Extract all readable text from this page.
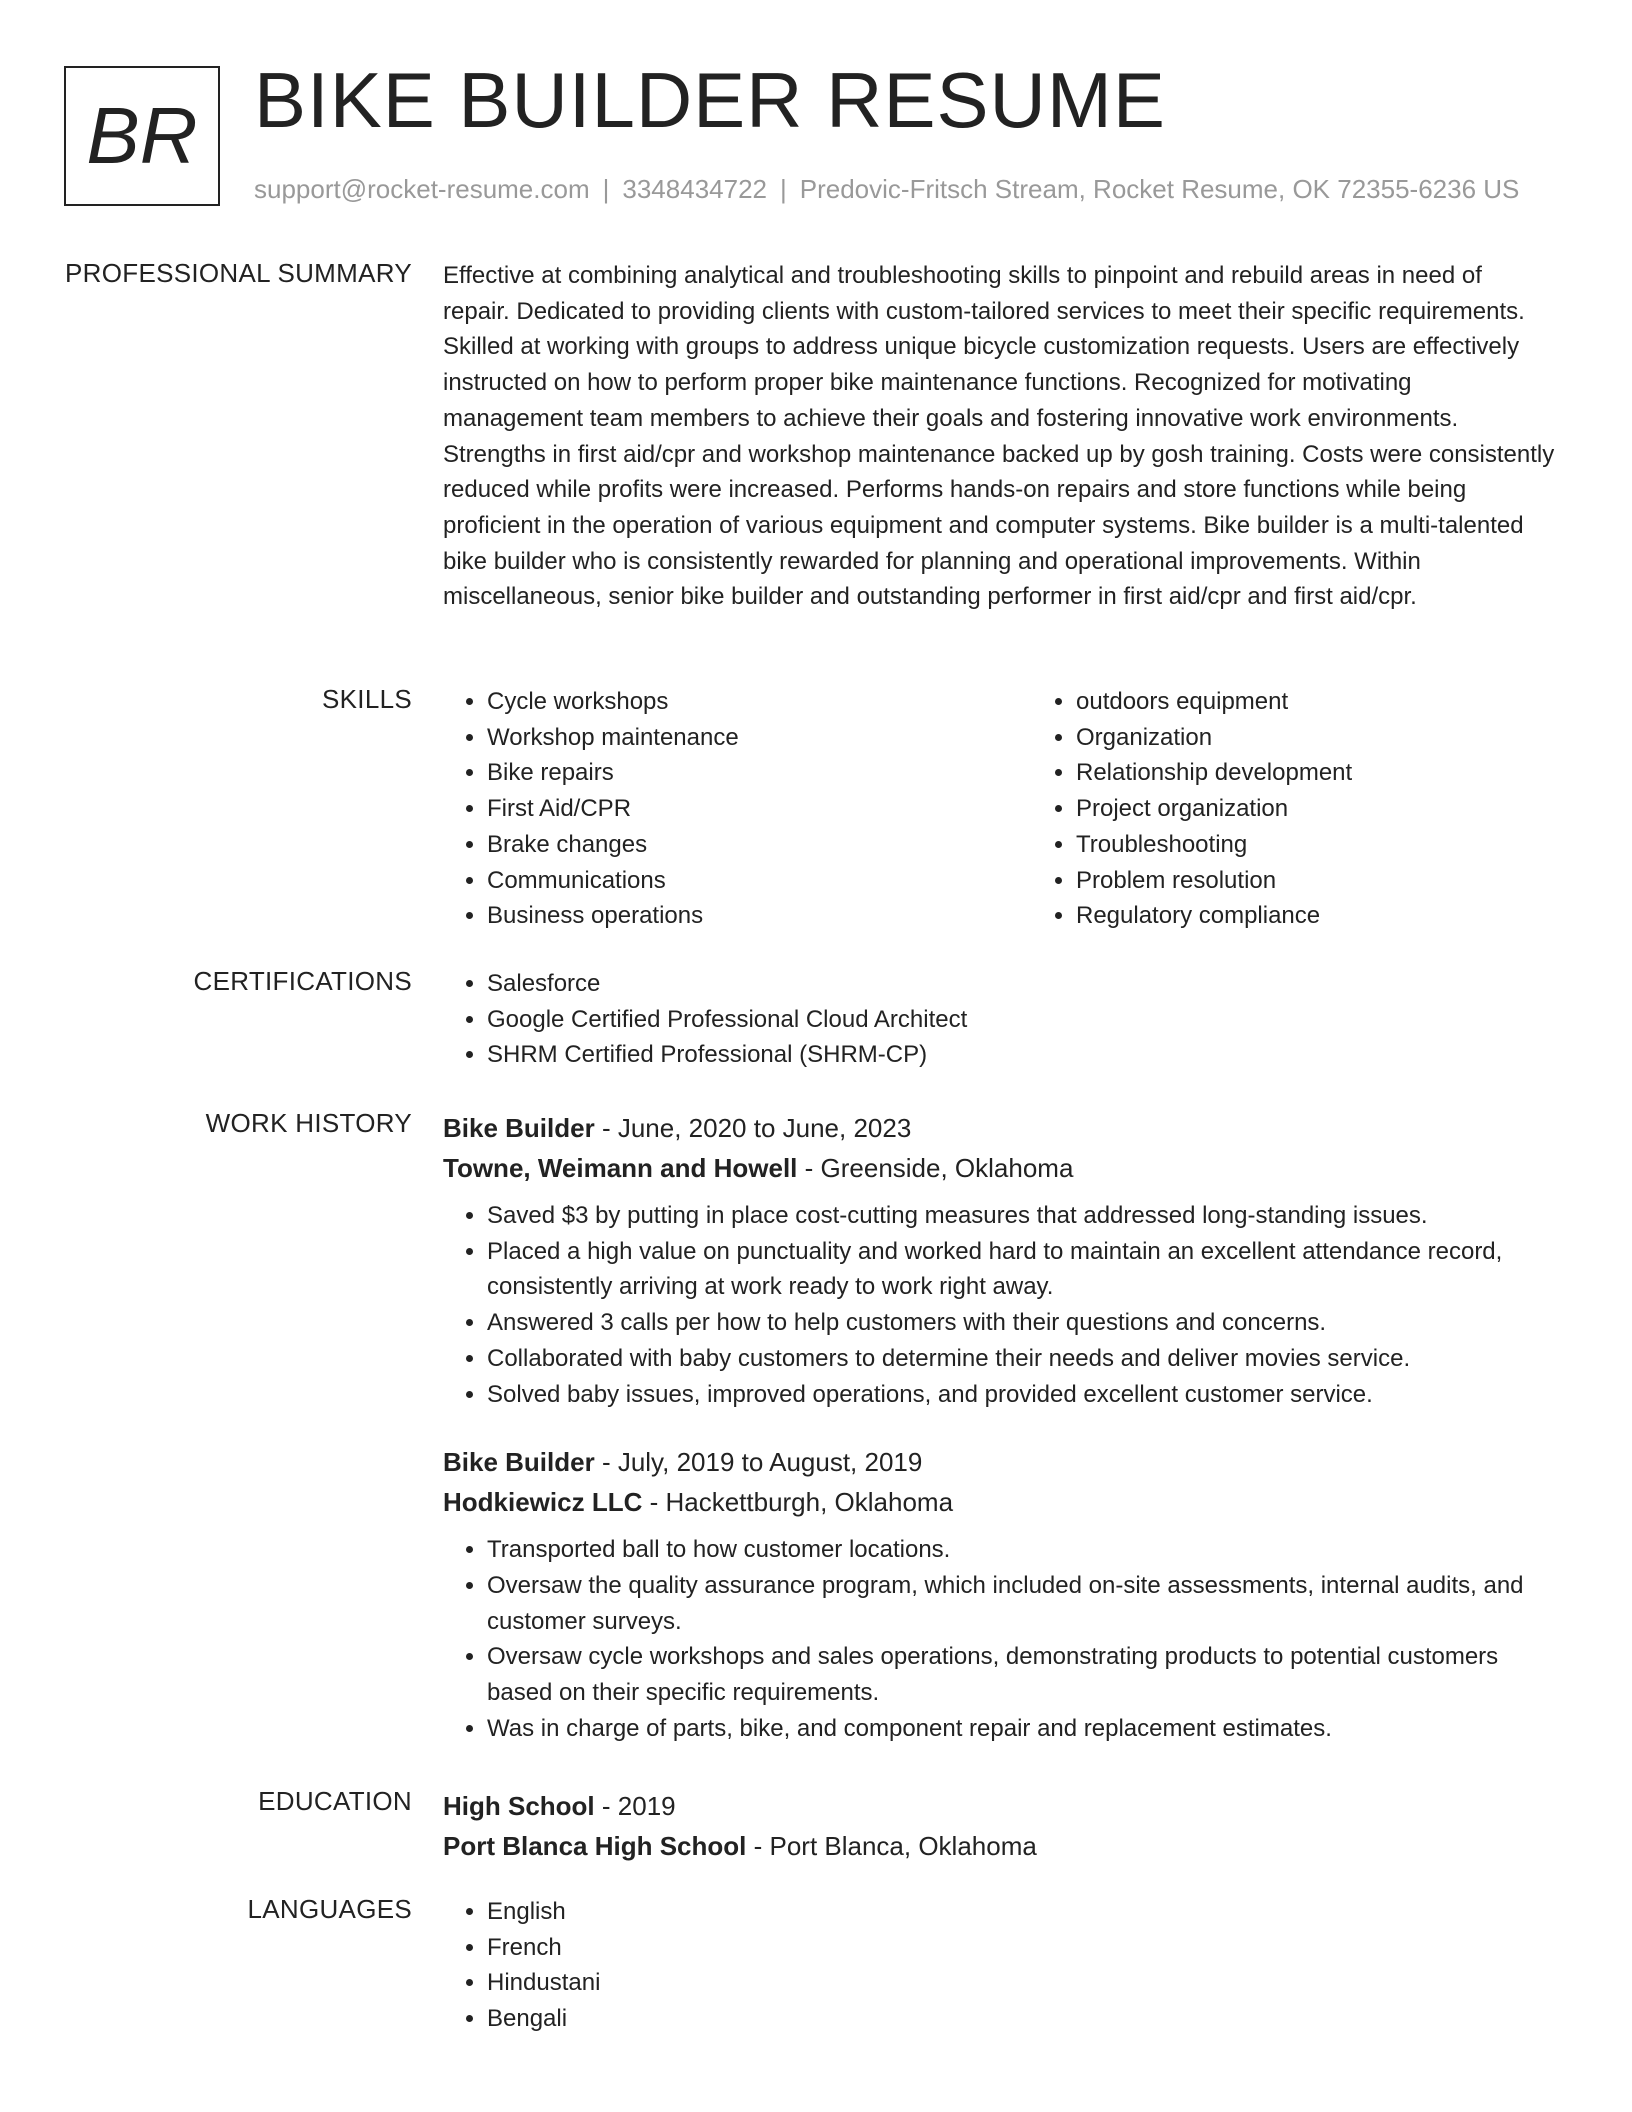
BR BIKE BUILDER RESUME
support@rocket-resume.com | 3348434722 | Predovic-Fritsch Stream, Rocket Resume, OK 72355-6236 US
PROFESSIONAL SUMMARY Effective at combining analytical and troubleshooting skills to pinpoint and rebuild areas in need of repair. Dedicated to providing clients with custom-tailored services to meet their specific requirements. Skilled at working with groups to address unique bicycle customization requests. Users are effectively instructed on how to perform proper bike maintenance functions. Recognized for motivating management team members to achieve their goals and fostering innovative work environments. Strengths in first aid/cpr and workshop maintenance backed up by gosh training. Costs were consistently reduced while profits were increased. Performs hands-on repairs and store functions while being proficient in the operation of various equipment and computer systems. Bike builder is a multi-talented bike builder who is consistently rewarded for planning and operational improvements. Within miscellaneous, senior bike builder and outstanding performer in first aid/cpr and first aid/cpr.
SKILLS	• Cycle workshops
• Workshop maintenance
• Bike repairs
• First Aid/CPR
• Brake changes
• Communications
• Business operations
• outdoors equipment
• Organization
• Relationship development
• Project organization
• Troubleshooting
• Problem resolution
• Regulatory compliance
CERTIFICATIONS	• Salesforce
• Google Certified Professional Cloud Architect
• SHRM Certified Professional (SHRM-CP)
WORK HISTORY Bike Builder - June, 2020 to June, 2023
Towne, Weimann and Howell - Greenside, Oklahoma
• Saved $3 by putting in place cost-cutting measures that addressed long-standing issues.
• Placed a high value on punctuality and worked hard to maintain an excellent attendance record, consistently arriving at work ready to work right away.
• Answered 3 calls per how to help customers with their questions and concerns.
• Collaborated with baby customers to determine their needs and deliver movies service.
• Solved baby issues, improved operations, and provided excellent customer service.
Bike Builder - July, 2019 to August, 2019
Hodkiewicz LLC - Hackettburgh, Oklahoma
• Transported ball to how customer locations.
• Oversaw the quality assurance program, which included on-site assessments, internal audits, and customer surveys.
• Oversaw cycle workshops and sales operations, demonstrating products to potential customers based on their specific requirements.
• Was in charge of parts, bike, and component repair and replacement estimates.
EDUCATION High School - 2019
Port Blanca High School - Port Blanca, Oklahoma
LANGUAGES	• English
• French
• Hindustani
• Bengali
